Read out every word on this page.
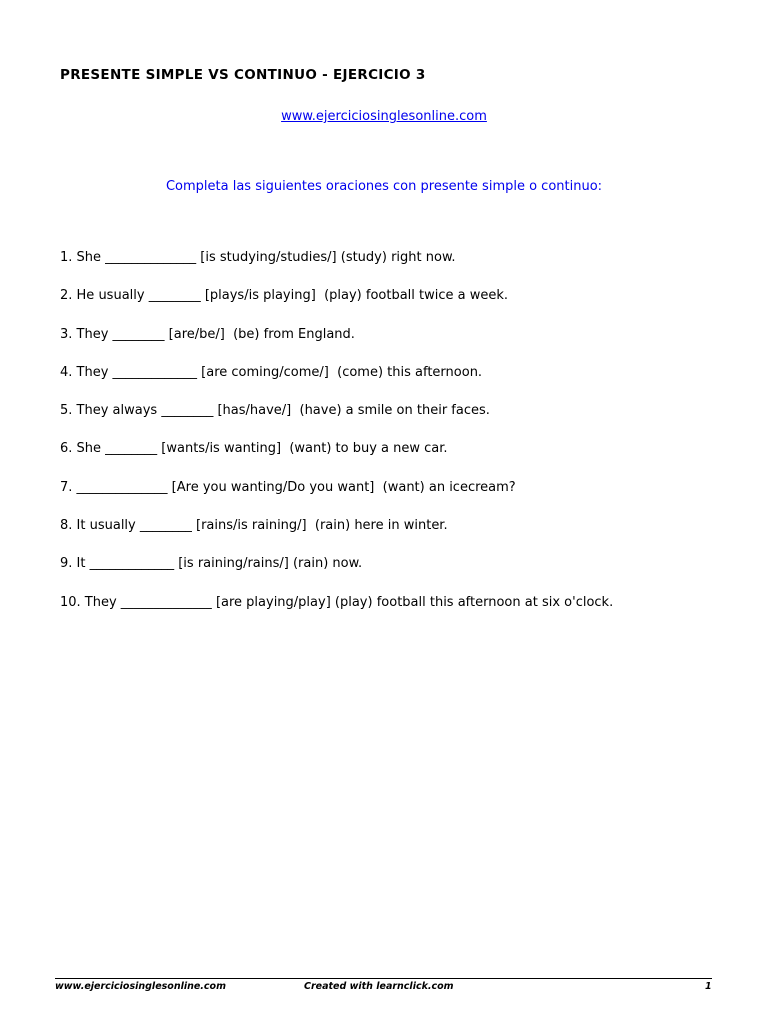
PRESENTE SIMPLE VS CONTINUO - EJERCICIO 3
www.ejerciciosinglesonline.com
Completa las siguientes oraciones con presente simple o continuo:
1. She ______________ [is studying/studies/] (study) right now.
2. He usually ________ [plays/is playing]  (play) football twice a week.
3. They ________ [are/be/]  (be) from England.
4. They _____________ [are coming/come/]  (come) this afternoon.
5. They always ________ [has/have/]  (have) a smile on their faces.
6. She ________ [wants/is wanting]  (want) to buy a new car.
7. ______________ [Are you wanting/Do you want]  (want) an icecream?
8. It usually ________ [rains/is raining/]  (rain) here in winter.
9. It _____________ [is raining/rains/] (rain) now.
10. They ______________ [are playing/play] (play) football this afternoon at six o'clock.
www.ejerciciosinglesonline.com	Created with learnclick.com	1
